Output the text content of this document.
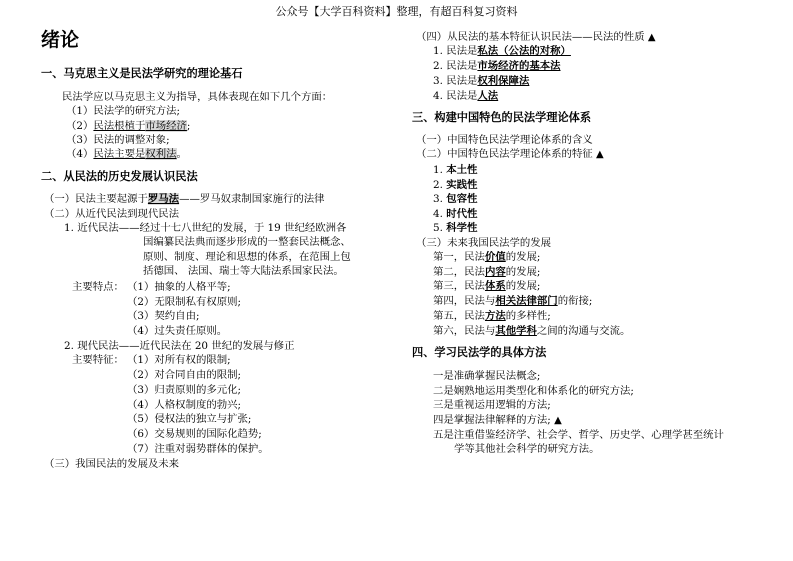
公众号【大学百科资料】整理，有超百科复习资料
绪论
一、马克思主义是民法学研究的理论基石
民法学应以马克思主义为指导，具体表现在如下几个方面：
（1）民法学的研究方法;
（2）民法根植于市场经济;
（3）民法的调整对象;
（4）民法主要是权利法。
二、从民法的历史发展认识民法
（一）民法主要起源于罗马法——罗马奴隶制国家施行的法律
（二）从近代民法到现代民法
1. 近代民法——经过十七八世纪的发展，于 19 世纪经欧洲各
国编纂民法典而逐步形成的一整套民法概念、
原则、制度、理论和思想的体系，在范围上包
括德国、 法国、瑞士等大陆法系国家民法。
主要特点： （1）抽象的人格平等;
（2）无限制私有权原则;
（3）契约自由;
（4）过失责任原则。
2. 现代民法——近代民法在 20 世纪的发展与修正
主要特征： （1）对所有权的限制;
（2）对合同自由的限制;
（3）归责原则的多元化;
（4）人格权制度的勃兴;
（5）侵权法的独立与扩张;
（6）交易规则的国际化趋势;
（7）注重对弱势群体的保护。
（三）我国民法的发展及未来
（四）从民法的基本特征认识民法——民法的性质 ▲
1. 民法是私法（公法的对称）
2. 民法是市场经济的基本法
3. 民法是权利保障法
4. 民法是人法
三、构建中国特色的民法学理论体系
（一）中国特色民法学理论体系的含义
（二）中国特色民法学理论体系的特征 ▲
1. 本土性
2. 实践性
3. 包容性
4. 时代性
5. 科学性
（三）未来我国民法学的发展
第一，民法价值的发展;
第二，民法内容的发展;
第三，民法体系的发展;
第四，民法与相关法律部门的衔接;
第五，民法方法的多样性;
第六，民法与其他学科之间的沟通与交流。
四、学习民法学的具体方法
一是准确掌握民法概念;
二是娴熟地运用类型化和体系化的研究方法;
三是重视运用逻辑的方法;
四是掌握法律解释的方法; ▲
五是注重借鉴经济学、社会学、哲学、历史学、心理学甚至统计
学等其他社会科学的研究方法。
